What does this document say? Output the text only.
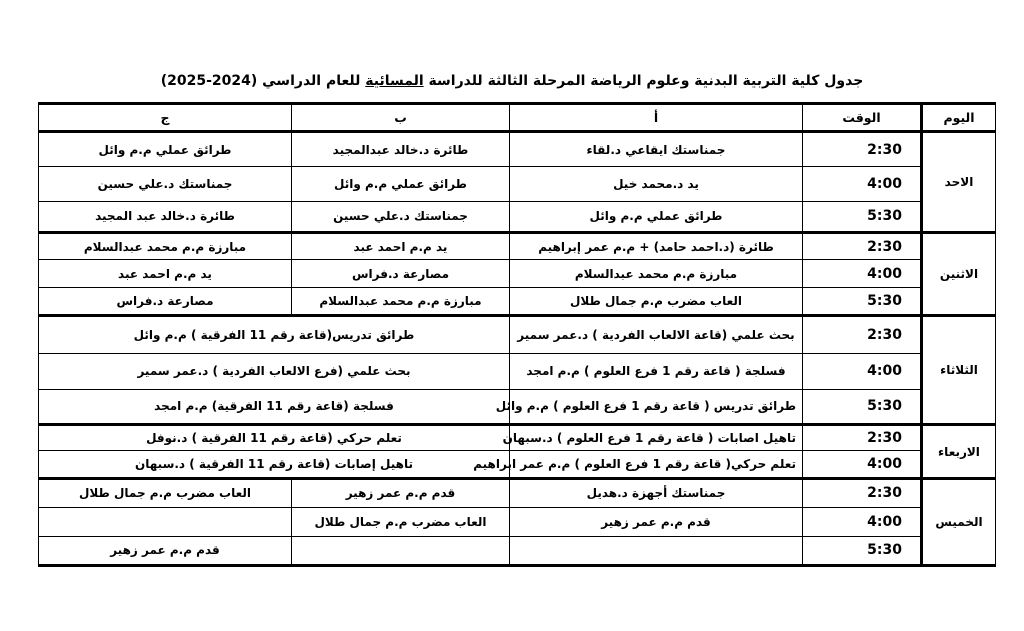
جدول كلية التربية البدنية وعلوم الرياضة المرحلة الثالثة للدراسة المسائية للعام الدراسي (2024-2025)
اليوم	الوقت	أ	ب	ج
الاحد	2:30	جمناستك ايقاعي د.لقاء	طائرة د.خالد عبدالمجيد	طرائق عملي م.م وائل
	4:00	يد د.محمد خيل	طرائق عملي م.م وائل	جمناستك د.علي حسين
	5:30	طرائق عملي م.م وائل	جمناستك د.علي حسين	طائرة د.خالد عبد المجيد
الاثنين	2:30	طائرة (د.احمد حامد) + م.م عمر إبراهيم	يد م.م احمد عبد	مبارزة م.م محمد عبدالسلام
	4:00	مبارزة م.م محمد عبدالسلام	مصارعة د.فراس	يد م.م احمد عبد
	5:30	العاب مضرب م.م جمال طلال	مبارزة م.م محمد عبدالسلام	مصارعة د.فراس
الثلاثاء	2:30	بحث علمي (قاعة الالعاب الفردية ) د.عمر سمير	طرائق تدريس(قاعة رقم 11 الفرقية ) م.م وائل	
	4:00	فسلجة ( قاعة رقم 1 فرع العلوم ) م.م امجد	بحث علمي (فرع الالعاب الفردية ) د.عمر سمير	
	5:30	طرائق تدريس ( قاعة رقم 1 فرع العلوم ) م.م وائل	فسلجة (قاعة رقم 11 الفرقية) م.م امجد	
الاربعاء	2:30	تاهيل اصابات ( قاعة رقم 1 فرع العلوم ) د.سبهان	تعلم حركي (قاعة رقم 11 الفرقية ) د.نوفل	
	4:00	تعلم حركي( قاعة رقم 1 فرع العلوم ) م.م عمر ابراهيم	تاهيل إصابات (قاعة رقم 11 الفرقية ) د.سبهان	
الخميس	2:30	جمناستك أجهزة د.هديل	قدم م.م عمر زهير	العاب مضرب م.م جمال طلال
	4:00	قدم م.م عمر زهير	العاب مضرب م.م جمال طلال	
	5:30			قدم م.م عمر زهير
